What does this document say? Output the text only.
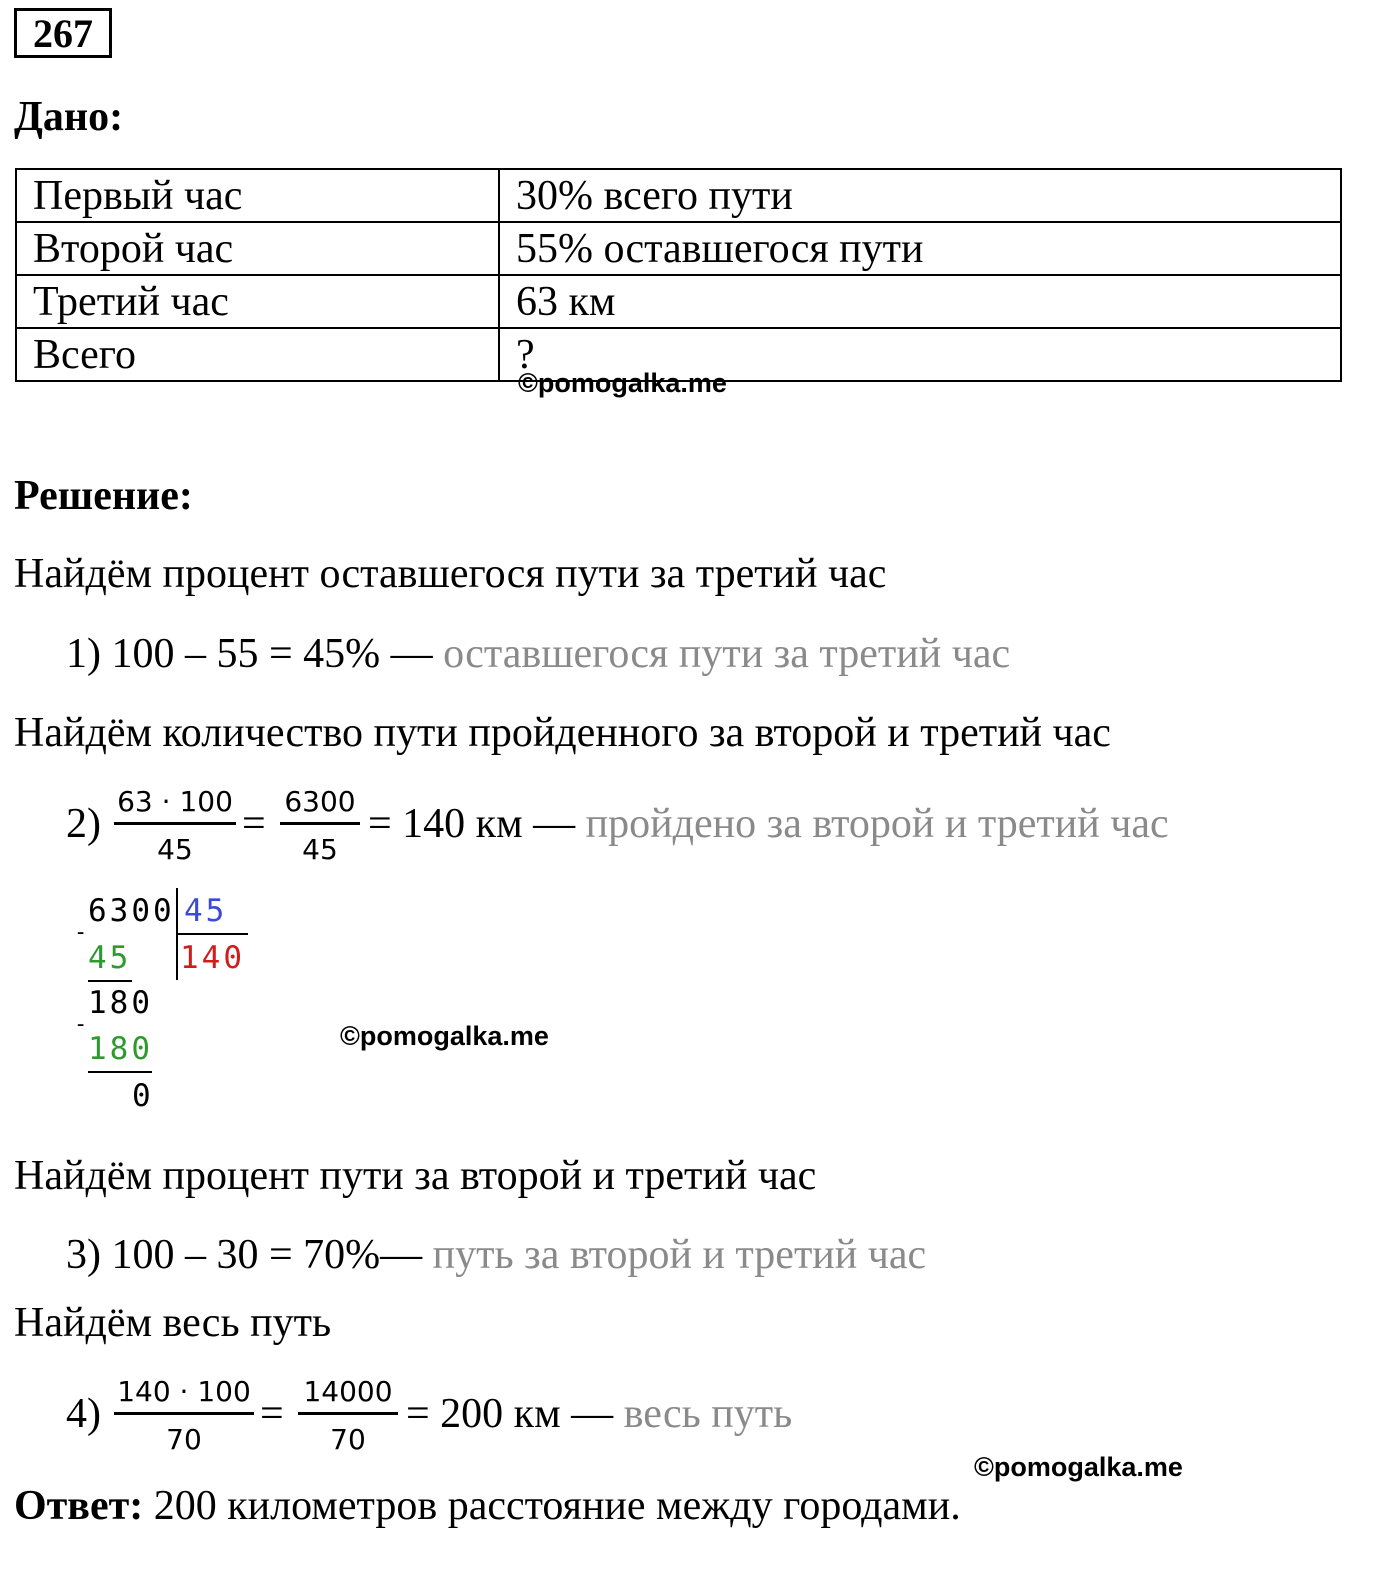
267
Дано:
Первый час	30% всего пути
Второй час	55% оставшегося пути
Третий час	63 км
Всего	?
©pomogalka.me
Решение:
Найдём процент оставшегося пути за третий час
1) 100 – 55 = 45% — оставшегося пути за третий час
Найдём количество пути пройденного за второй и третий час
$2) \frac{63 \cdot 100}{45} = \frac{6300}{45} = 140$ км — пройдено за второй и третий час
6300 45
140
-
45
180
-
180
0
©pomogalka.me
Найдём процент пути за второй и третий час
3) 100 – 30 = 70%— путь за второй и третий час
Найдём весь путь
$4) \frac{140 \cdot 100}{70} = \frac{14000}{70} = 200$ км — весь путь
©pomogalka.me
Ответ: 200 километров расстояние между городами.
